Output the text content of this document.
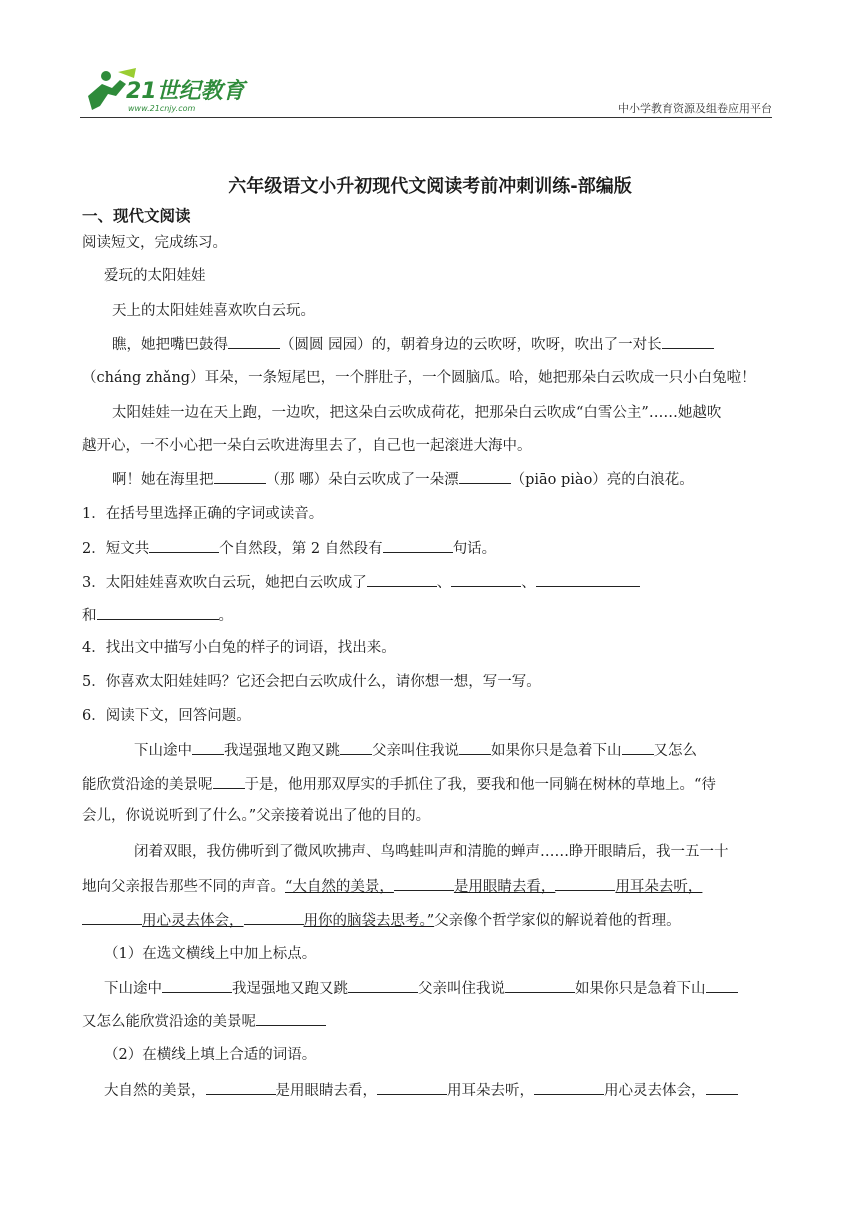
21世纪教育
www.21cnjy.com	中小学教育资源及组卷应用平台
六年级语文小升初现代文阅读考前冲刺训练-部编版
一、现代文阅读
阅读短文，完成练习。
爱玩的太阳娃娃
天上的太阳娃娃喜欢吹白云玩。
瞧，她把嘴巴鼓得	（圆圆 园园）的，朝着身边的云吹呀，吹呀，吹出了一对长
（cháng zhǎng）耳朵，一条短尾巴，一个胖肚子，一个圆脑瓜。哈，她把那朵白云吹成一只小白兔啦！
太阳娃娃一边在天上跑，一边吹，把这朵白云吹成荷花，把那朵白云吹成“白雪公主”……她越吹
越开心，一不小心把一朵白云吹进海里去了，自己也一起滚进大海中。
啊！她在海里把	（那 哪）朵白云吹成了一朵漂	（piāo piào）亮的白浪花。
1．在括号里选择正确的字词或读音。
2．短文共	个自然段，第 2 自然段有	句话。
3．太阳娃娃喜欢吹白云玩，她把白云吹成了	、	、
和	。
4．找出文中描写小白兔的样子的词语，找出来。
5．你喜欢太阳娃娃吗？它还会把白云吹成什么，请你想一想，写一写。
6．阅读下文，回答问题。
下山途中 我逞强地又跑又跳 父亲叫住我说 如果你只是急着下山 又怎么
能欣赏沿途的美景呢 于是，他用那双厚实的手抓住了我，要我和他一同躺在树林的草地上。“待
会儿，你说说听到了什么。”父亲接着说出了他的目的。
闭着双眼，我仿佛听到了微风吹拂声、鸟鸣蛙叫声和清脆的蝉声……睁开眼睛后，我一五一十
地向父亲报告那些不同的声音。“大自然的美景，	是用眼睛去看，	用耳朵去听，
用心灵去体会，	用你的脑袋去思考。”父亲像个哲学家似的解说着他的哲理。
（1）在选文横线上中加上标点。
下山途中	我逞强地又跑又跳	父亲叫住我说	如果你只是急着下山
又怎么能欣赏沿途的美景呢
（2）在横线上填上合适的词语。
大自然的美景，	是用眼睛去看，	用耳朵去听，	用心灵去体会，
